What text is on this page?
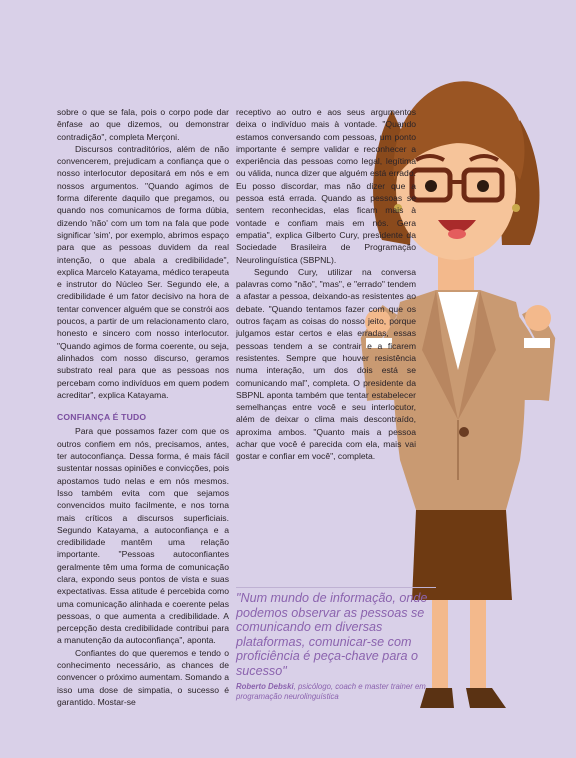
sobre o que se fala, pois o corpo pode dar ênfase ao que dizemos, ou demonstrar contradição", completa Merçoni.

Discursos contraditórios, além de não convencerem, prejudicam a confiança que o nosso interlocutor depositará em nós e em nossos argumentos. "Quando agimos de forma diferente daquilo que pregamos, ou quando nos comunicamos de forma dúbia, dizendo 'não' com um tom na fala que pode significar 'sim', por exemplo, abrimos espaço para que as pessoas duvidem da real intenção, o que abala a credibilidade", explica Marcelo Katayama, médico terapeuta e instrutor do Núcleo Ser. Segundo ele, a credibilidade é um fator decisivo na hora de tentar convencer alguém que se constrói aos poucos, a partir de um relacionamento claro, honesto e sincero com nosso interlocutor. "Quando agimos de forma coerente, ou seja, alinhados com nosso discurso, geramos substrato real para que as pessoas nos percebam como indivíduos em quem podem acreditar", explica Katayama.

CONFIANÇA É TUDO

Para que possamos fazer com que os outros confiem em nós, precisamos, antes, ter autoconfiança. Dessa forma, é mais fácil sustentar nossas opiniões e convicções, pois apostamos tudo nelas e em nós mesmos. Isso também evita com que sejamos convencidos muito facilmente, e nos torna mais críticos a discursos superficiais. Segundo Katayama, a autoconfiança e a credibilidade mantêm uma relação importante. "Pessoas autoconfiantes geralmente têm uma forma de comunicação clara, expondo seus pontos de vista e suas expectativas. Essa atitude é percebida como uma comunicação alinhada e coerente pelas pessoas, o que aumenta a credibilidade. A percepção desta credibilidade contribui para a manutenção da autoconfiança", aponta.

Confiantes do que queremos e tendo o conhecimento necessário, as chances de convencer o próximo aumentam. Somando a isso uma dose de simpatia, o sucesso é garantido. Mostar-se

receptivo ao outro e aos seus argumentos deixa o indivíduo mais à vontade. "Quando estamos conversando com pessoas, um ponto importante é sempre validar e reconhecer a experiência das pessoas como legal, legítima ou válida, nunca dizer que alguém está errado. Eu posso discordar, mas não dizer que a pessoa está errada. Quando as pessoas se sentem reconhecidas, elas ficam mais à vontade e confiam mais em nós. Gera empatia", explica Gilberto Cury, presidente da Sociedade Brasileira de Programação Neurolinguística (SBPNL).

Segundo Cury, utilizar na conversa palavras como "não", "mas", e "errado" tendem a afastar a pessoa, deixando-as resistentes ao debate. "Quando tentamos fazer com que os outros façam as coisas do nosso jeito, porque julgamos estar certos e elas erradas, essas pessoas tendem a se contrair e a ficarem resistentes. Sempre que houver resistência numa interação, um dos dois está se comunicando mal", completa. O presidente da SBPNL aponta também que tentar estabelecer semelhanças entre você e seu interlocutor, além de deixar o clima mais descontraído, aproxima ambos. "Quanto mais a pessoa achar que você é parecida com ela, mais vai gostar e confiar em você", completa.

"Num mundo de informação, onde podemos observar as pessoas se comunicando em diversas plataformas, comunicar-se com proficiência é peça-chave para o sucesso"

Roberto Debski, psicólogo, coach e master trainer em programação neurolinguística
